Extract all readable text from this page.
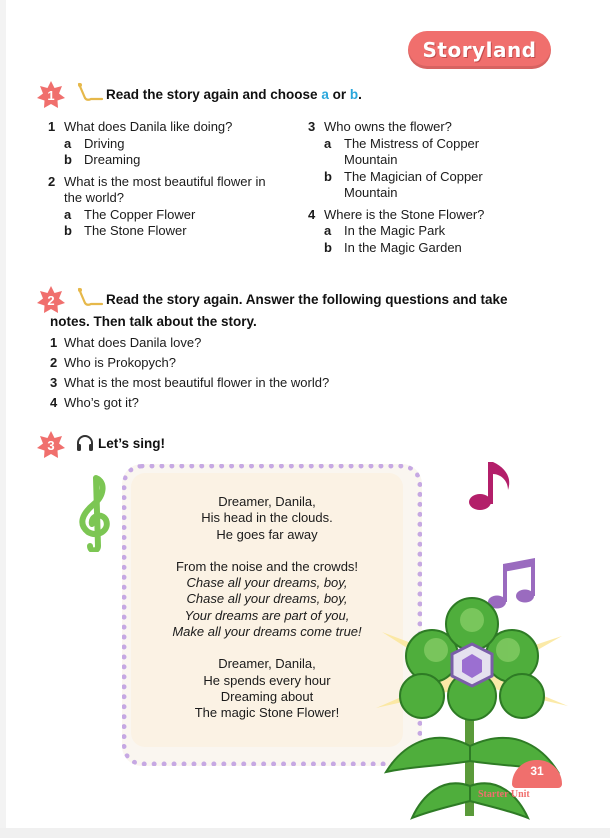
Storyland
1	Read the story again and choose a or b.
1 What does Danila like doing?
a Driving
b Dreaming
2 What is the most beautiful flower in the world?
a The Copper Flower
b The Stone Flower
3 Who owns the flower?
a The Mistress of Copper Mountain
b The Magician of Copper Mountain
4 Where is the Stone Flower?
a In the Magic Park
b In the Magic Garden
2	Read the story again. Answer the following questions and take notes. Then talk about the story.
1 What does Danila love?
2 Who is Prokopych?
3 What is the most beautiful flower in the world?
4 Who’s got it?
3	Let’s sing!
Dreamer, Danila,
His head in the clouds.
He goes far away
From the noise and the crowds!
Chase all your dreams, boy,
Chase all your dreams, boy,
Your dreams are part of you,
Make all your dreams come true!
Dreamer, Danila,
He spends every hour
Dreaming about
The magic Stone Flower!
31
Starter Unit
